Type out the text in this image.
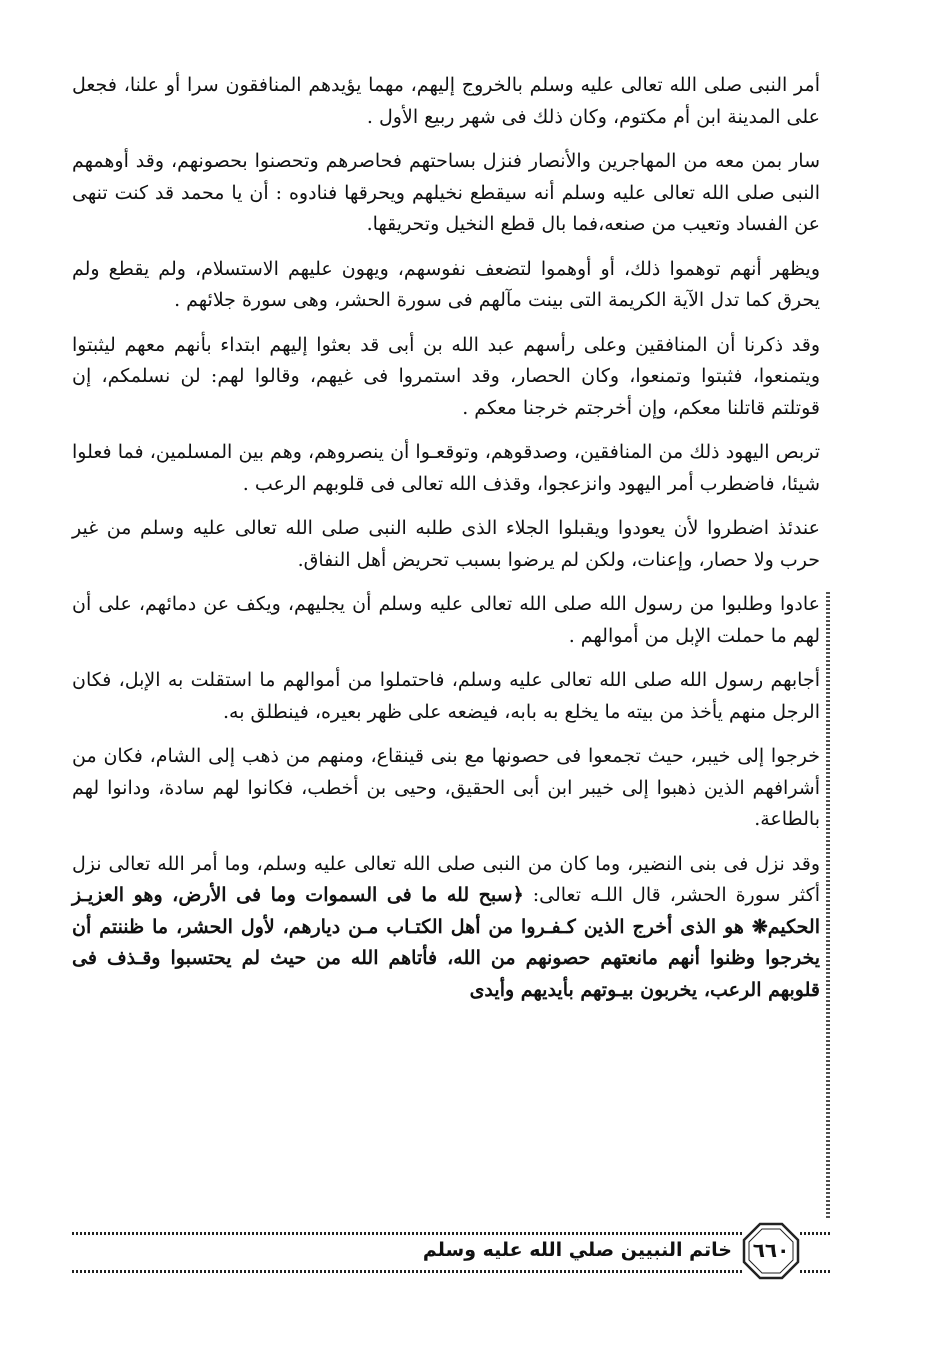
أمر النبى صلى الله تعالى عليه وسلم بالخروج إليهم، مهما يؤيدهم المنافقون سرا أو علنا، فجعل على المدينة ابن أم مكتوم، وكان ذلك فى شهر ربيع الأول .

سار بمن معه من المهاجرين والأنصار فنزل بساحتهم فحاصرهم وتحصنوا بحصونهم، وقد أوهمهم النبى صلى الله تعالى عليه وسلم أنه سيقطع نخيلهم ويحرقها فنادوه : أن يا محمد قد كنت تنهى عن الفساد وتعيب من صنعه،فما بال قطع النخيل وتحريقها.

ويظهر أنهم توهموا ذلك، أو أوهموا لتضعف نفوسهم، ويهون عليهم الاستسلام، ولم يقطع ولم يحرق كما تدل الآية الكريمة التى بينت مآلهم فى سورة الحشر، وهى سورة جلائهم .

وقد ذكرنا أن المنافقين وعلى رأسهم عبد الله بن أبى قد بعثوا إليهم ابتداء بأنهم معهم ليثبتوا ويتمنعوا، فثبتوا وتمنعوا، وكان الحصار، وقد استمروا فى غيهم، وقالوا لهم: لن نسلمكم، إن قوتلتم قاتلنا معكم، وإن أخرجتم خرجنا معكم .

تربص اليهود ذلك من المنافقين، وصدقوهم، وتوقعـوا أن ينصروهم، وهم بين المسلمين، فما فعلوا شيئا، فاضطرب أمر اليهود وانزعجوا، وقذف الله تعالى فى قلوبهم الرعب .

عندئذ اضطروا لأن يعودوا ويقبلوا الجلاء الذى طلبه النبى صلى الله تعالى عليه وسلم من غير حرب ولا حصار، وإعنات، ولكن لم يرضوا بسبب تحريض أهل النفاق.

عادوا وطلبوا من رسول الله صلى الله تعالى عليه وسلم أن يجليهم، ويكف عن دمائهم، على أن لهم ما حملت الإبل من أموالهم .

أجابهم رسول الله صلى الله تعالى عليه وسلم، فاحتملوا من أموالهم ما استقلت به الإبل، فكان الرجل منهم يأخذ من بيته ما يخلع به بابه، فيضعه على ظهر بعيره، فينطلق به.

خرجوا إلى خيبر، حيث تجمعوا فى حصونها مع بنى قينقاع، ومنهم من ذهب إلى الشام، فكان من أشرافهم الذين ذهبوا إلى خيبر ابن أبى الحقيق، وحيى بن أخطب، فكانوا لهم سادة، ودانوا لهم بالطاعة.

وقد نزل فى بنى النضير، وما كان من النبى صلى الله تعالى عليه وسلم، وما أمر الله تعالى نزل أكثر سورة الحشر، قال اللـه تعالى: ﴿سبح لله ما فى السموات وما فى الأرض، وهو العزيـز الحكيم❋ هو الذى أخرج الذين كـفـروا من أهل الكتـاب مـن ديارهم، لأول الحشر، ما ظننتم أن يخرجوا وظنوا أنهم مانعتهم حصونهم من الله، فأتاهم الله من حيث لم يحتسبوا وقـذف فى قلوبهم الرعب، يخربون بيـوتهم بأيديهم وأيدى

٦٦٠
خاتم النبيين صلي الله عليه وسلم
